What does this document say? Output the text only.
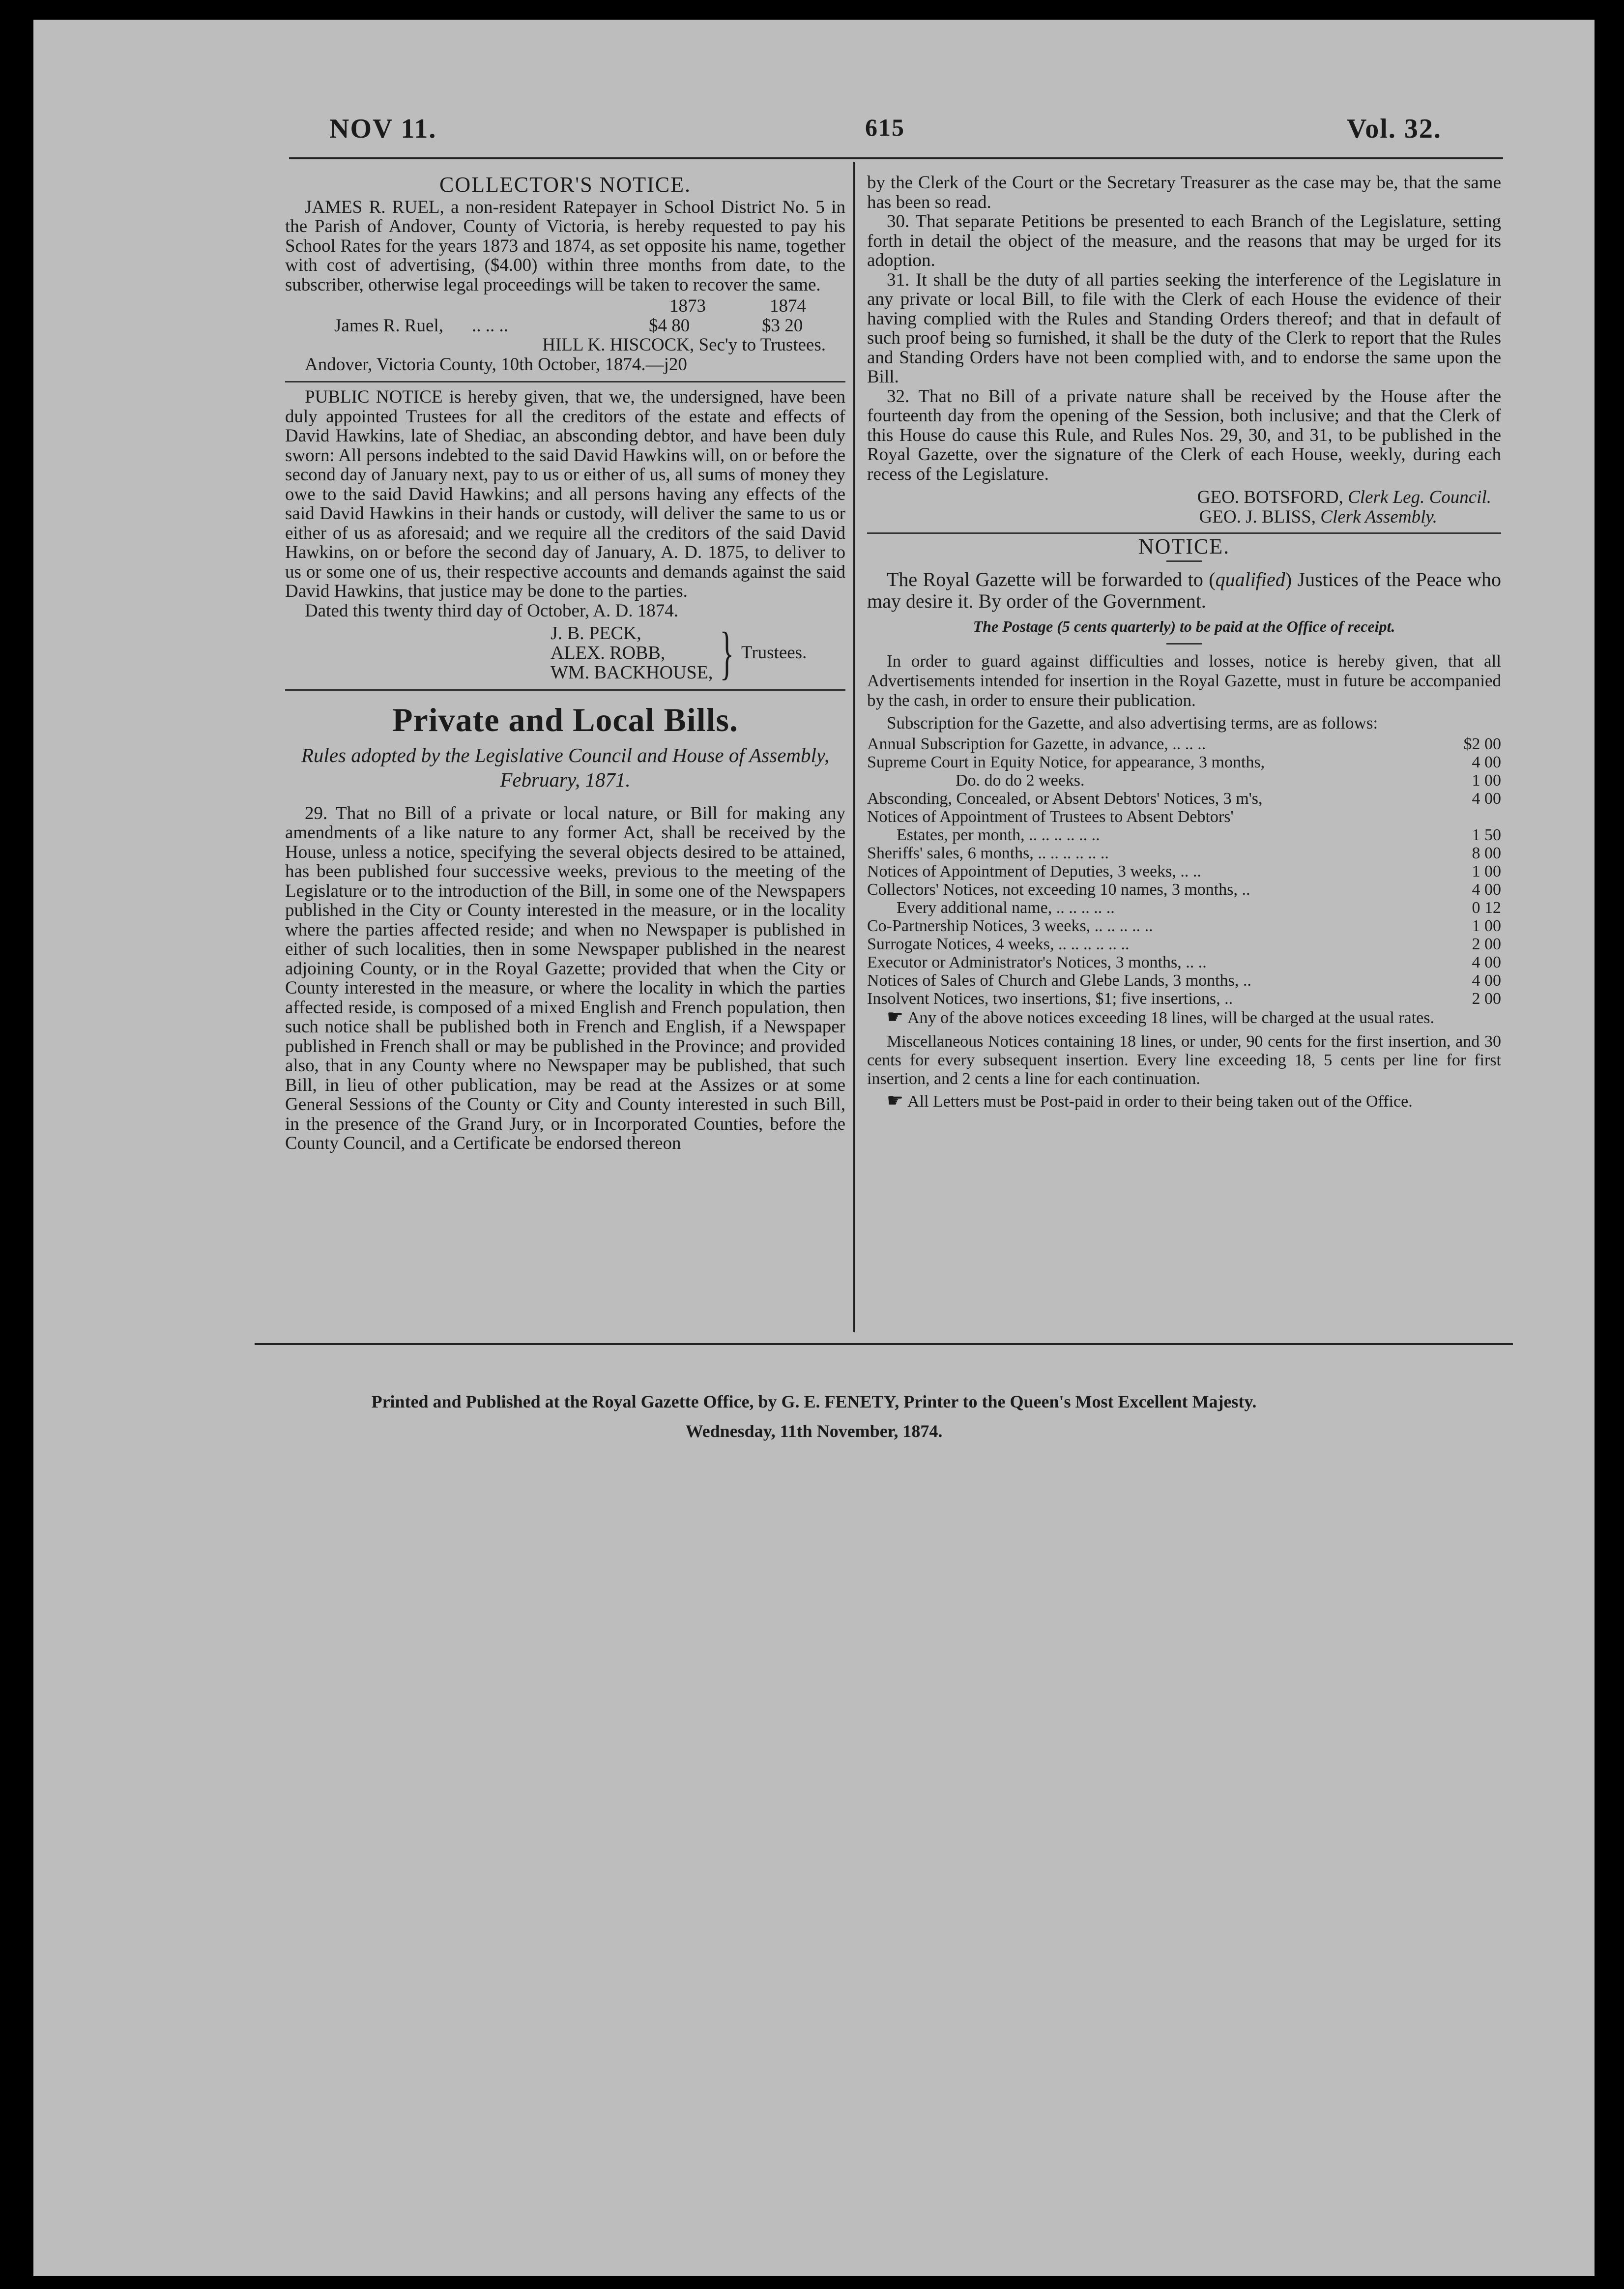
NOV 11.	615	Vol. 32.

COLLECTOR'S NOTICE.

JAMES R. RUEL, a non-resident Ratepayer in School District No. 5 in the Parish of Andover, County of Victoria, is hereby requested to pay his School Rates for the years 1873 and 1874, as set opposite his name, together with cost of advertising, ($4.00) within three months from date, to the subscriber, otherwise legal proceedings will be taken to recover the same.

1873	1874
James R. Ruel,	.. .. ..	$4 80	$3 20

HILL K. HISCOCK, Sec'y to Trustees.

Andover, Victoria County, 10th October, 1874.—j20

PUBLIC NOTICE is hereby given, that we, the undersigned, have been duly appointed Trustees for all the creditors of the estate and effects of David Hawkins, late of Shediac, an absconding debtor, and have been duly sworn: All persons indebted to the said David Hawkins will, on or before the second day of January next, pay to us or either of us, all sums of money they owe to the said David Hawkins; and all persons having any effects of the said David Hawkins in their hands or custody, will deliver the same to us or either of us as aforesaid; and we require all the creditors of the said David Hawkins, on or before the second day of January, A. D. 1875, to deliver to us or some one of us, their respective accounts and demands against the said David Hawkins, that justice may be done to the parties.

Dated this twenty third day of October, A. D. 1874.

J. B. PECK,
ALEX. ROBB,
WM. BACKHOUSE, } Trustees.

Private and Local Bills.

Rules adopted by the Legislative Council and House of Assembly, February, 1871.

29. That no Bill of a private or local nature, or Bill for making any amendments of a like nature to any former Act, shall be received by the House, unless a notice, specifying the several objects desired to be attained, has been published four successive weeks, previous to the meeting of the Legislature or to the introduction of the Bill, in some one of the Newspapers published in the City or County interested in the measure, or in the locality where the parties affected reside; and when no Newspaper is published in either of such localities, then in some Newspaper published in the nearest adjoining County, or in the Royal Gazette; provided that when the City or County interested in the measure, or where the locality in which the parties affected reside, is composed of a mixed English and French population, then such notice shall be published both in French and English, if a Newspaper published in French shall or may be published in the Province; and provided also, that in any County where no Newspaper may be published, that such Bill, in lieu of other publication, may be read at the Assizes or at some General Sessions of the County or City and County interested in such Bill, in the presence of the Grand Jury, or in Incorporated Counties, before the County Council, and a Certificate be endorsed thereon

by the Clerk of the Court or the Secretary Treasurer as the case may be, that the same has been so read.

30. That separate Petitions be presented to each Branch of the Legislature, setting forth in detail the object of the measure, and the reasons that may be urged for its adoption.

31. It shall be the duty of all parties seeking the interference of the Legislature in any private or local Bill, to file with the Clerk of each House the evidence of their having complied with the Rules and Standing Orders thereof; and that in default of such proof being so furnished, it shall be the duty of the Clerk to report that the Rules and Standing Orders have not been complied with, and to endorse the same upon the Bill.

32. That no Bill of a private nature shall be received by the House after the fourteenth day from the opening of the Session, both inclusive; and that the Clerk of this House do cause this Rule, and Rules Nos. 29, 30, and 31, to be published in the Royal Gazette, over the signature of the Clerk of each House, weekly, during each recess of the Legislature.

GEO. BOTSFORD, Clerk Leg. Council.

GEO. J. BLISS, Clerk Assembly.

NOTICE.

The Royal Gazette will be forwarded to (qualified) Justices of the Peace who may desire it. By order of the Government.

The Postage (5 cents quarterly) to be paid at the Office of receipt.

In order to guard against difficulties and losses, notice is hereby given, that all Advertisements intended for insertion in the Royal Gazette, must in future be accompanied by the cash, in order to ensure their publication.

Subscription for the Gazette, and also advertising terms, are as follows:

Annual Subscription for Gazette, in advance, .. .. ..	$2 00
Supreme Court in Equity Notice, for appearance, 3 months,	4 00
Do. do do 2 weeks.	1 00
Absconding, Concealed, or Absent Debtors' Notices, 3 m's,	4 00
Notices of Appointment of Trustees to Absent Debtors'
Estates, per month, .. .. .. .. .. ..	1 50
Sheriffs' sales, 6 months, .. .. .. .. .. ..	8 00
Notices of Appointment of Deputies, 3 weeks, .. ..	1 00
Collectors' Notices, not exceeding 10 names, 3 months, ..	4 00
Every additional name, .. .. .. .. ..	0 12
Co-Partnership Notices, 3 weeks, .. .. .. .. ..	1 00
Surrogate Notices, 4 weeks, .. .. .. .. .. ..	2 00
Executor or Administrator's Notices, 3 months, .. ..	4 00
Notices of Sales of Church and Glebe Lands, 3 months, ..	4 00
Insolvent Notices, two insertions, $1; five insertions, ..	2 00

☛ Any of the above notices exceeding 18 lines, will be charged at the usual rates.

Miscellaneous Notices containing 18 lines, or under, 90 cents for the first insertion, and 30 cents for every subsequent insertion. Every line exceeding 18, 5 cents per line for first insertion, and 2 cents a line for each continuation.

☛ All Letters must be Post-paid in order to their being taken out of the Office.

Printed and Published at the Royal Gazette Office, by G. E. FENETY, Printer to the Queen's Most Excellent Majesty.
Wednesday, 11th November, 1874.
